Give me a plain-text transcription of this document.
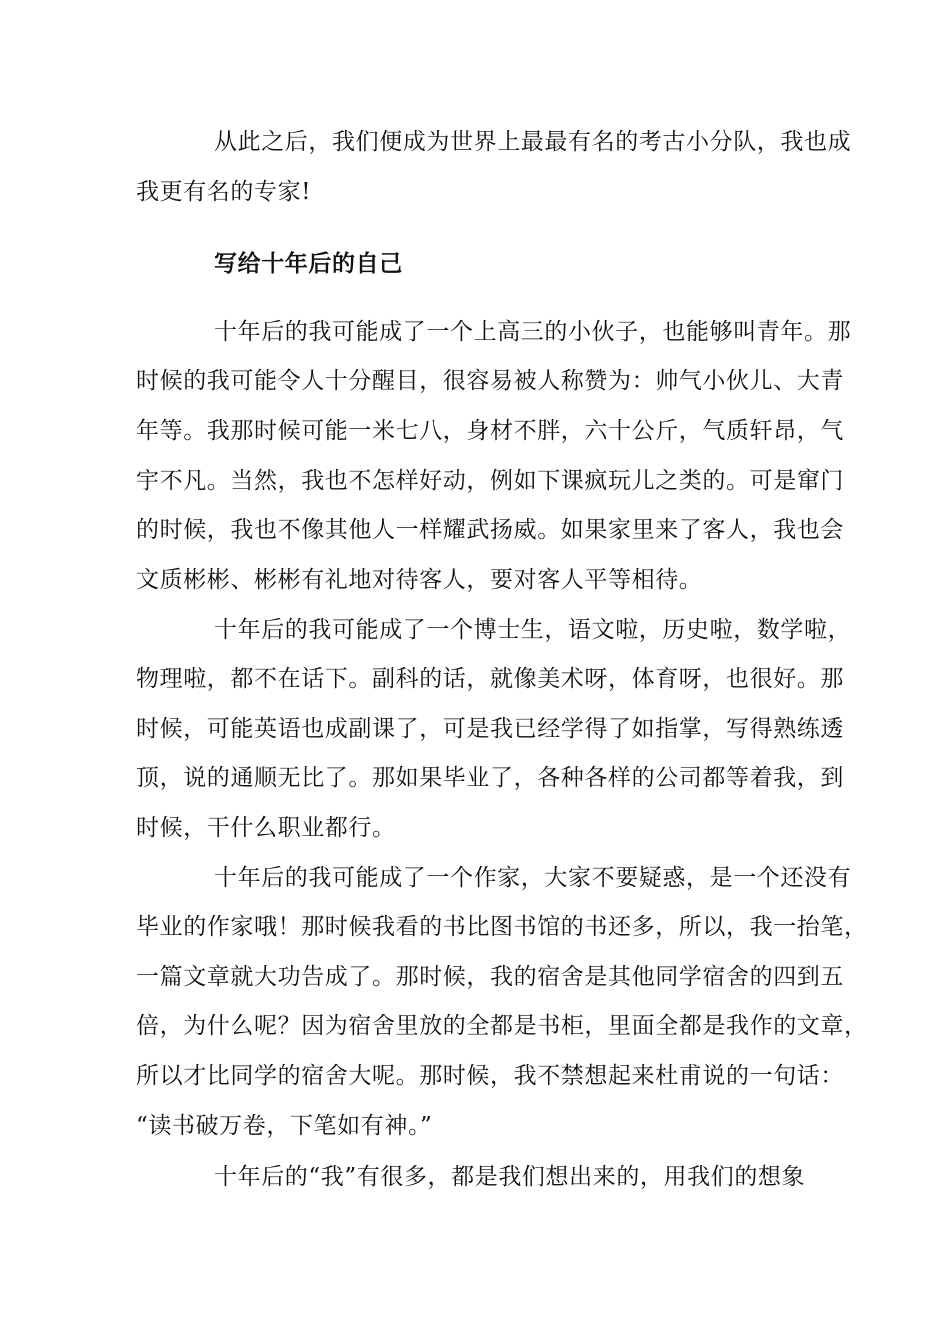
从此之后，我们便成为世界上最最有名的考古小分队，我也成
我更有名的专家!
写给十年后的自己
十年后的我可能成了一个上高三的小伙子，也能够叫青年。那
时候的我可能令人十分醒目，很容易被人称赞为：帅气小伙儿、大青
年等。我那时候可能一米七八，身材不胖，六十公斤，气质轩昂，气
宇不凡。当然，我也不怎样好动，例如下课疯玩儿之类的。可是窜门
的时候，我也不像其他人一样耀武扬威。如果家里来了客人，我也会
文质彬彬、彬彬有礼地对待客人，要对客人平等相待。
十年后的我可能成了一个博士生，语文啦，历史啦，数学啦，
物理啦，都不在话下。副科的话，就像美术呀，体育呀，也很好。那
时候，可能英语也成副课了，可是我已经学得了如指掌，写得熟练透
顶，说的通顺无比了。那如果毕业了，各种各样的公司都等着我，到
时候，干什么职业都行。
十年后的我可能成了一个作家，大家不要疑惑，是一个还没有
毕业的作家哦！那时候我看的书比图书馆的书还多，所以，我一抬笔，
一篇文章就大功告成了。那时候，我的宿舍是其他同学宿舍的四到五
倍，为什么呢？因为宿舍里放的全都是书柜，里面全都是我作的文章，
所以才比同学的宿舍大呢。那时候，我不禁想起来杜甫说的一句话：
“读书破万卷，下笔如有神。”
十年后的“我”有很多，都是我们想出来的，用我们的想象
